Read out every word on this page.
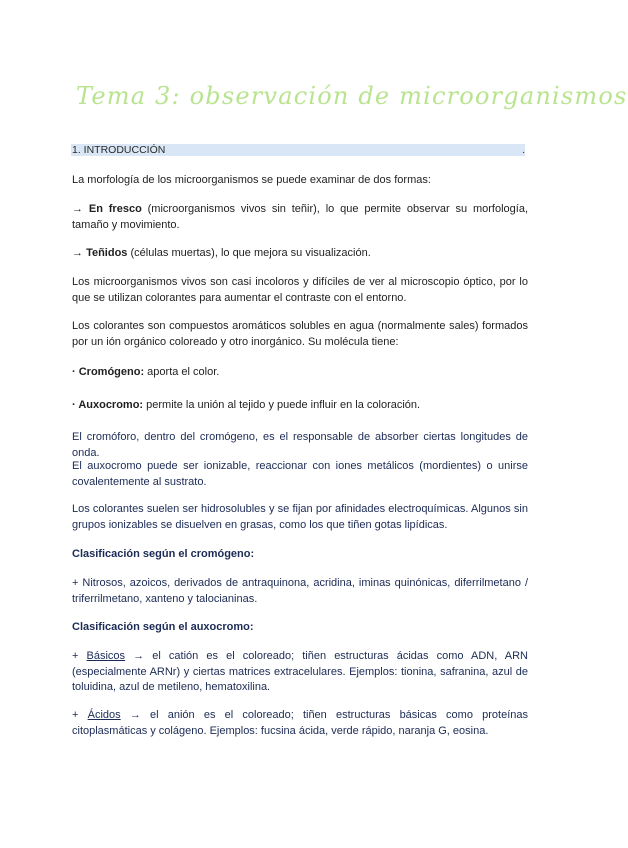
Tema 3: observación de microorganismos
1. INTRODUCCIÓN	.

La morfología de los microorganismos se puede examinar de dos formas:

→ En fresco (microorganismos vivos sin teñir), lo que permite observar su morfología, tamaño y movimiento.

→ Teñidos (células muertas), lo que mejora su visualización.

Los microorganismos vivos son casi incoloros y difíciles de ver al microscopio óptico, por lo que se utilizan colorantes para aumentar el contraste con el entorno.

Los colorantes son compuestos aromáticos solubles en agua (normalmente sales) formados por un ión orgánico coloreado y otro inorgánico. Su molécula tiene:

· Cromógeno: aporta el color.

· Auxocromo: permite la unión al tejido y puede influir en la coloración.

El cromóforo, dentro del cromógeno, es el responsable de absorber ciertas longitudes de onda.

El auxocromo puede ser ionizable, reaccionar con iones metálicos (mordientes) o unirse covalentemente al sustrato.

Los colorantes suelen ser hidrosolubles y se fijan por afinidades electroquímicas. Algunos sin grupos ionizables se disuelven en grasas, como los que tiñen gotas lipídicas.

Clasificación según el cromógeno:

+ Nitrosos, azoicos, derivados de antraquinona, acridina, iminas quinónicas, diferrilmetano / triferrilmetano, xanteno y talocianinas.

Clasificación según el auxocromo:

+ Básicos → el catión es el coloreado; tiñen estructuras ácidas como ADN, ARN (especialmente ARNr) y ciertas matrices extracelulares. Ejemplos: tionina, safranina, azul de toluidina, azul de metileno, hematoxilina.

+ Ácidos → el anión es el coloreado; tiñen estructuras básicas como proteínas citoplasmáticas y colágeno. Ejemplos: fucsina ácida, verde rápido, naranja G, eosina.
